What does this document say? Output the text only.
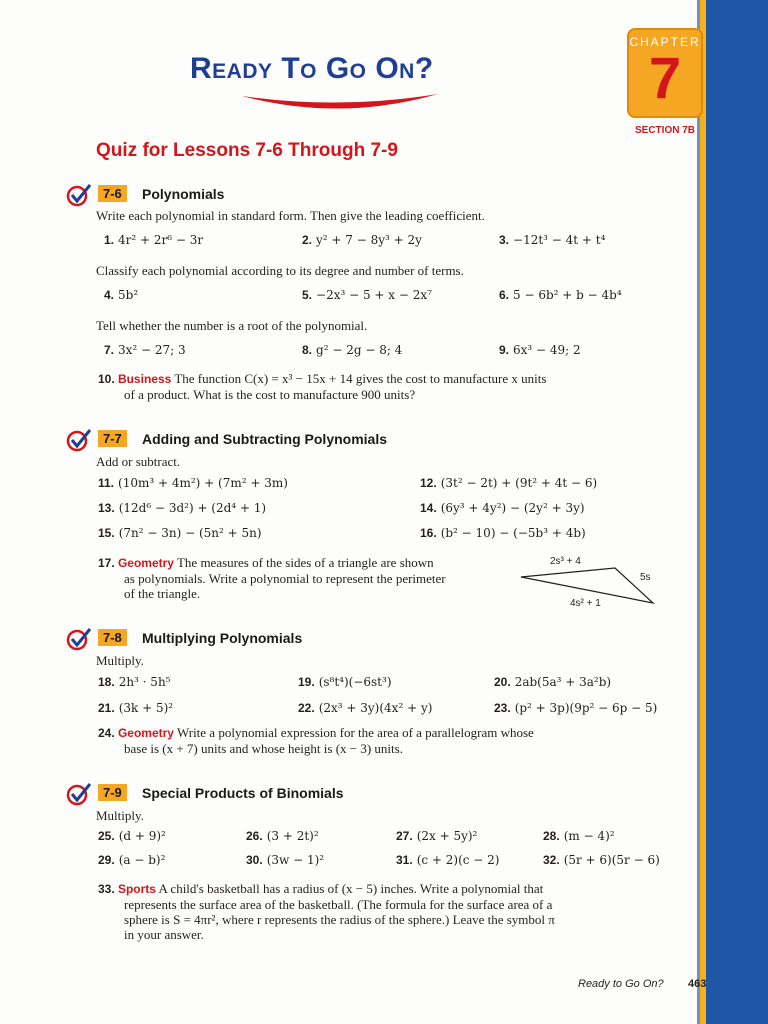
CHAPTER
7
SECTION 7B
Ready To Go On?
Quiz for Lessons 7-6 Through 7-9
7-6	Polynomials
Write each polynomial in standard form. Then give the leading coefficient.
1. 4r² + 2r⁶ − 3r	2. y² + 7 − 8y³ + 2y	3. −12t³ − 4t + t⁴
Classify each polynomial according to its degree and number of terms.
4. 5b²	5. −2x³ − 5 + x − 2x⁷	6. 5 − 6b² + b − 4b⁴
Tell whether the number is a root of the polynomial.
7. 3x² − 27; 3	8. g² − 2g − 8; 4	9. 6x³ − 49; 2
10. Business The function C(x) = x³ − 15x + 14 gives the cost to manufacture x units
of a product. What is the cost to manufacture 900 units?
7-7	Adding and Subtracting Polynomials
Add or subtract.
11. (10m³ + 4m²) + (7m² + 3m)	12. (3t² − 2t) + (9t² + 4t − 6)
13. (12d⁶ − 3d²) + (2d⁴ + 1)	14. (6y³ + 4y²) − (2y² + 3y)
15. (7n² − 3n) − (5n² + 5n)	16. (b² − 10) − (−5b³ + 4b)
17. Geometry The measures of the sides of a triangle are shown
as polynomials. Write a polynomial to represent the perimeter
of the triangle.
2s³ + 4
5s
4s² + 1
7-8	Multiplying Polynomials
Multiply.
18. 2h³ · 5h⁵	19. (s⁸t⁴)(−6st³)	20. 2ab(5a³ + 3a²b)
21. (3k + 5)²	22. (2x³ + 3y)(4x² + y)	23. (p² + 3p)(9p² − 6p − 5)
24. Geometry Write a polynomial expression for the area of a parallelogram whose
base is (x + 7) units and whose height is (x − 3) units.
7-9	Special Products of Binomials
Multiply.
25. (d + 9)²	26. (3 + 2t)²	27. (2x + 5y)²	28. (m − 4)²
29. (a − b)²	30. (3w − 1)²	31. (c + 2)(c − 2)	32. (5r + 6)(5r − 6)
33. Sports A child's basketball has a radius of (x − 5) inches. Write a polynomial that
represents the surface area of the basketball. (The formula for the surface area of a
sphere is S = 4πr², where r represents the radius of the sphere.) Leave the symbol π
in your answer.
Ready to Go On? 463
